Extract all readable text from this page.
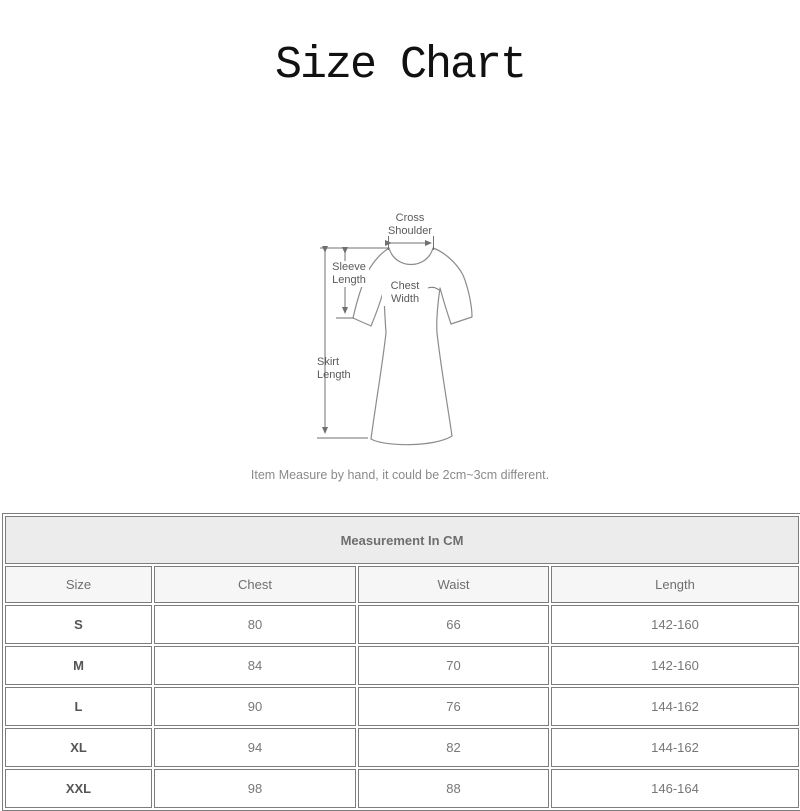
Size Chart
Cross Shoulder
Sleeve Length	Chest Width
Skirt Length
Item Measure by hand, it could be 2cm~3cm different.
Measurement In CM			
Size	Chest	Waist	Length
S	80	66	142-160
M	84	70	142-160
L	90	76	144-162
XL	94	82	144-162
XXL	98	88	146-164
